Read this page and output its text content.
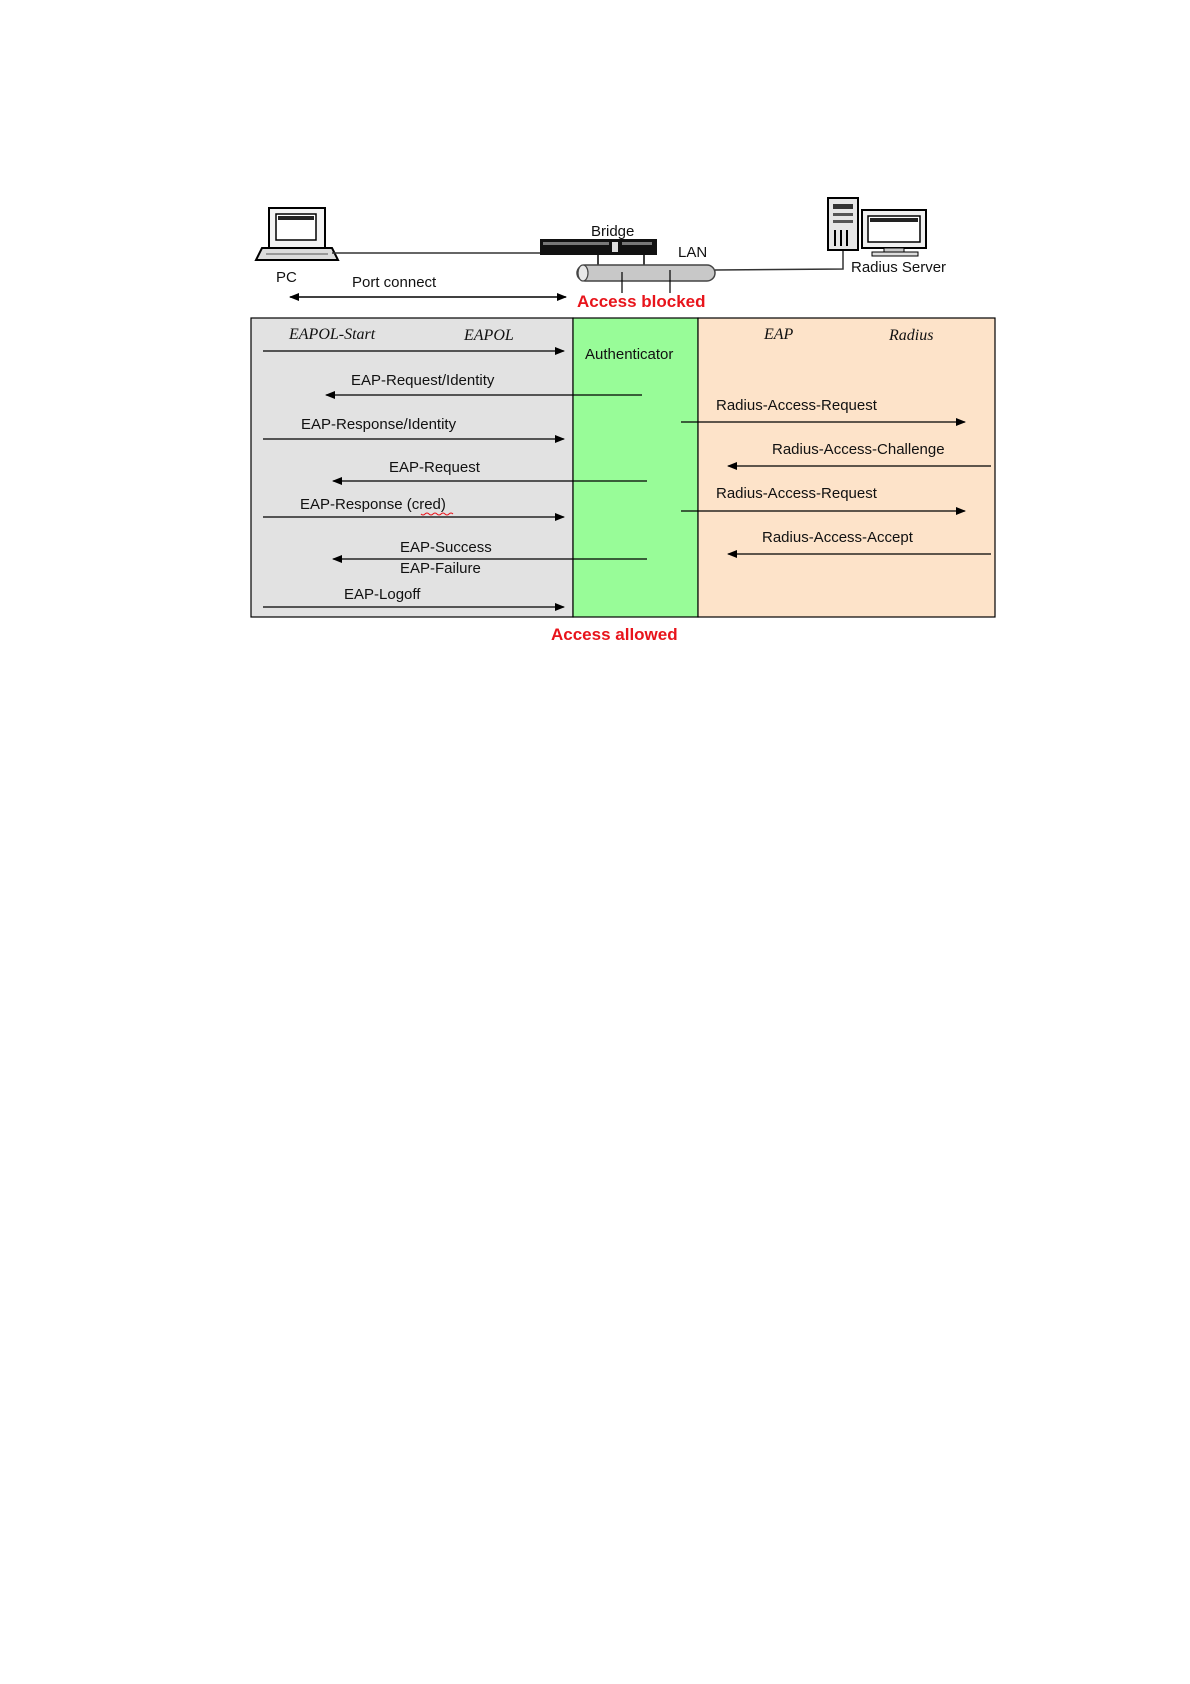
PC
Bridge
LAN
Radius Server
Port connect
Access blocked
EAPOL-Start	EAPOL	EAP	Radius
Authenticator
EAP-Request/Identity
EAP-Response/Identity
EAP-Request
EAP-Response (cred)
EAP-Success
EAP-Failure
EAP-Logoff
Radius-Access-Request
Radius-Access-Challenge
Radius-Access-Request
Radius-Access-Accept
Access allowed
